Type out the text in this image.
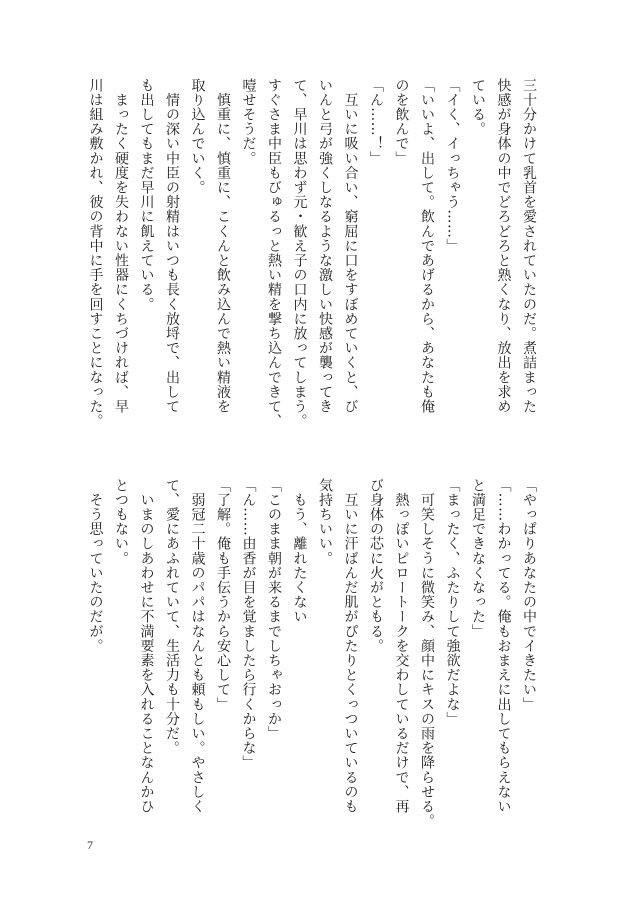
三十分かけて乳首を愛されていたのだ。煮詰まった
快感が身体の中でどろどろと熟くなり、放出を求め
ている。
「イく、イっちゃう……」
「いいよ、出して。飲んであげるから、あなたも俺
のを飲んで」
「ん……！」
　互いに吸い合い、窮屈に口をすぼめていくと、び
いんと弓が強くしなるような激しい快感が襲ってき
て、早川は思わず元・歓え子の口内に放ってしまう。
すぐさま中臣もびゅるっと熱い精を撃ち込んできて、
噎せそうだ。
　慎重に、慎重に、こくんと飲み込んで熱い精液を
取り込んでいく。
　情の深い中臣の射精はいつも長く放埒で、出して
も出してもまだ早川に飢えている。
　まったく硬度を失わない性器にくちづければ、早
川は組み敷かれ、彼の背中に手を回すことになった。
「やっぱりあなたの中でイきたい」
「……わかってる。俺もおまえに出してもらえない
と満足できなくなった」
「まったく、ふたりして強欲だよな」
　可笑しそうに微笑み、顔中にキスの雨を降らせる。
　熱っぽいピロートークを交わしているだけで、再
び身体の芯に火がともる。
　互いに汗ばんだ肌がぴたりとくっついているのも
気持ちいい。
　もう、離れたくない
「このまま朝が来るまでしちゃおっか」
「ん……由香が目を覚ましたら行くからな」
「了解。俺も手伝うから安心して」
　弱冠二十歳のパパはなんとも頼もしい。やさしく
て、愛にあふれていて、生活力も十分だ。
　いまのしあわせに不満要素を入れることなんかひ
とつもない。
　そう思っていたのだが。
7
